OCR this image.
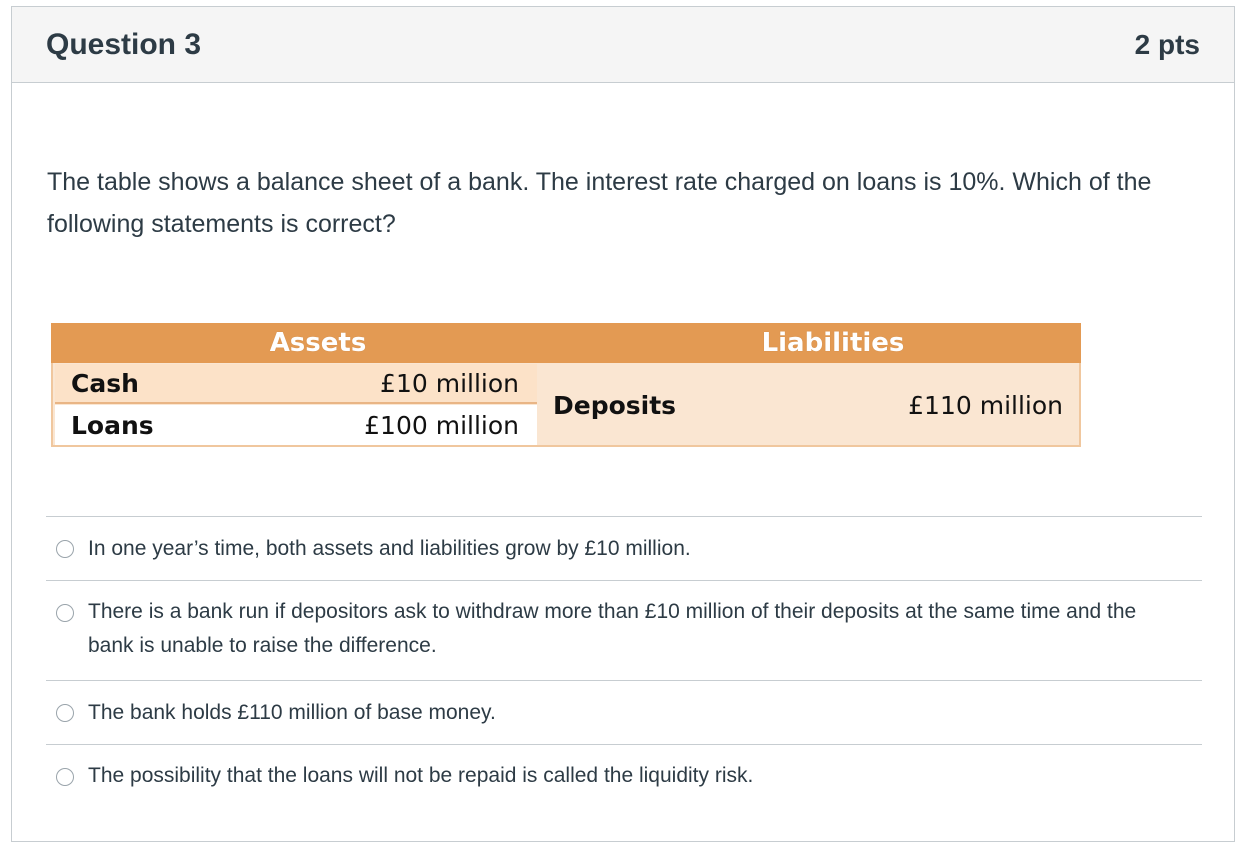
Question 3	2 pts
The table shows a balance sheet of a bank. The interest rate charged on loans is 10%. Which of the following statements is correct?
Assets	Liabilities
Cash	£10 million
Loans	£100 million
Deposits	£110 million
In one year’s time, both assets and liabilities grow by £10 million.
There is a bank run if depositors ask to withdraw more than £10 million of their deposits at the same time and the bank is unable to raise the difference.
The bank holds £110 million of base money.
The possibility that the loans will not be repaid is called the liquidity risk.
